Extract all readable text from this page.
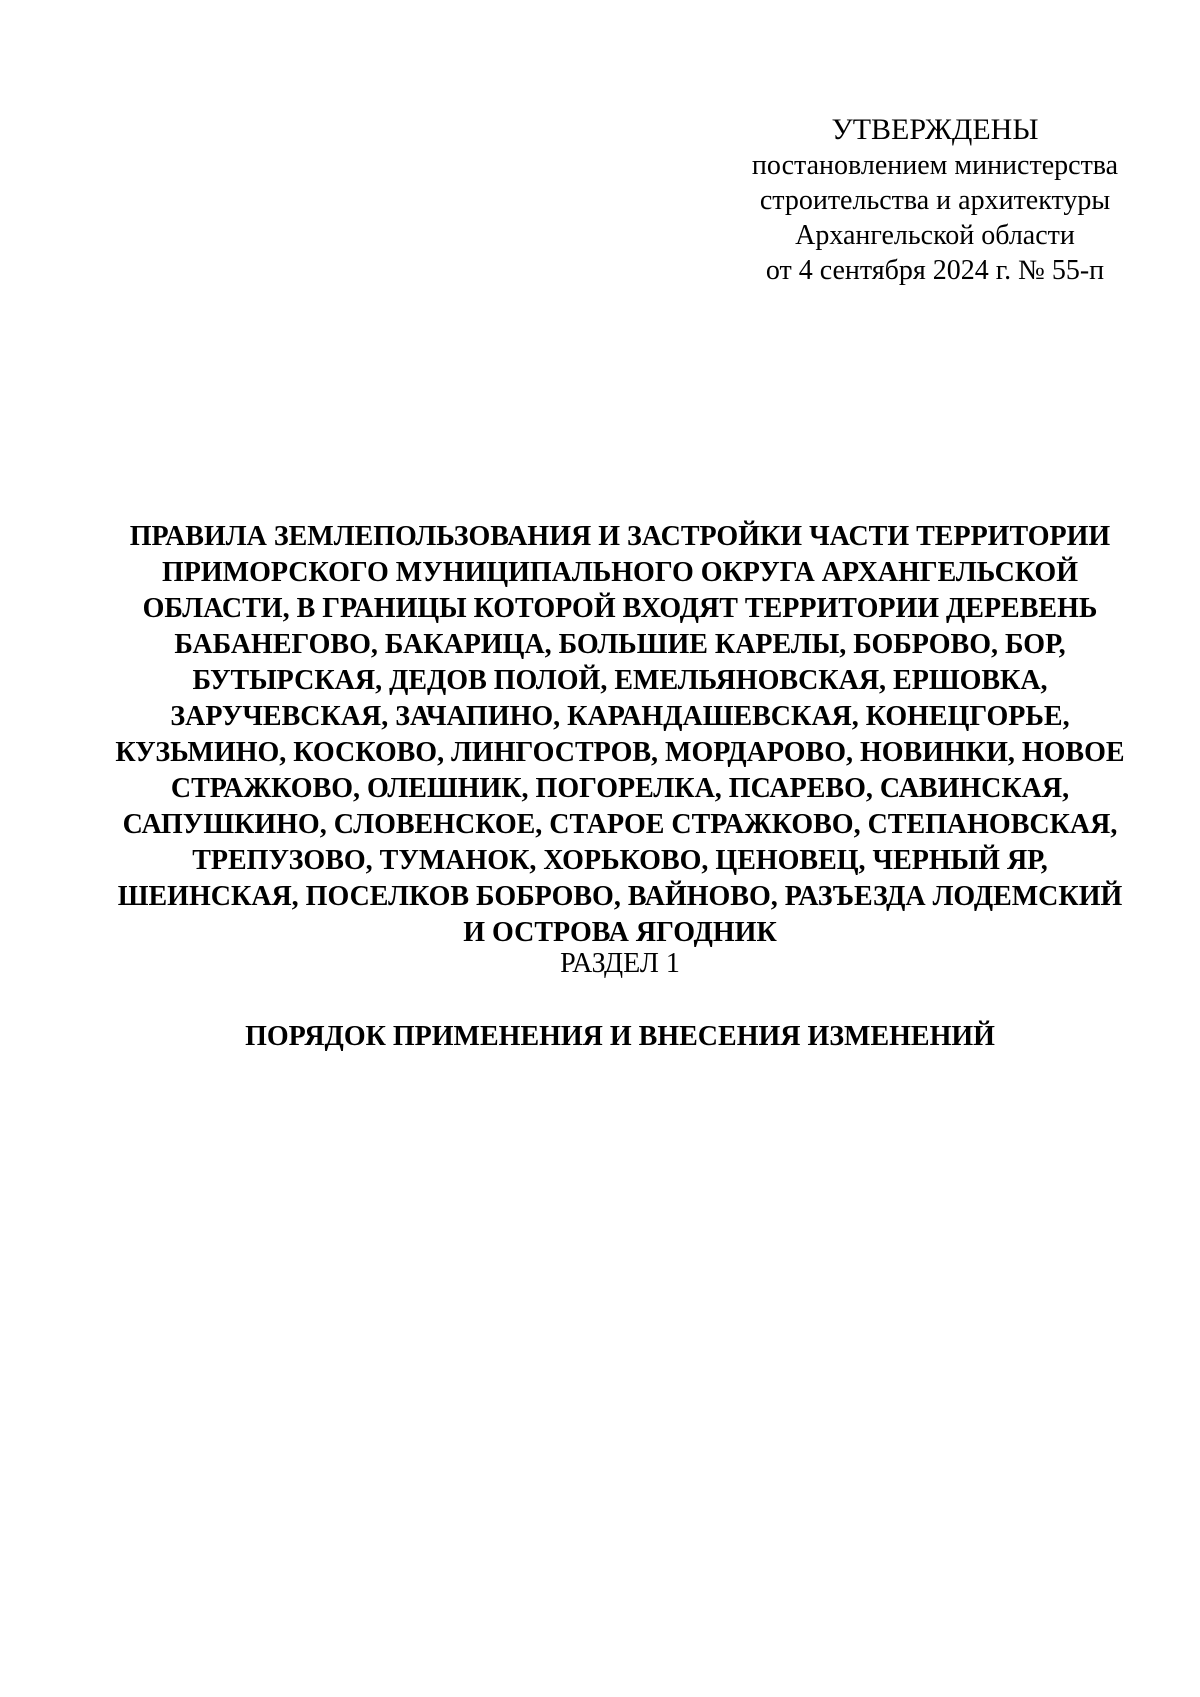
УТВЕРЖДЕНЫ
постановлением министерства
строительства и архитектуры
Архангельской области
от 4 сентября 2024 г. № 55-п
ПРАВИЛА ЗЕМЛЕПОЛЬЗОВАНИЯ И ЗАСТРОЙКИ ЧАСТИ ТЕРРИТОРИИ
ПРИМОРСКОГО МУНИЦИПАЛЬНОГО ОКРУГА АРХАНГЕЛЬСКОЙ
ОБЛАСТИ, В ГРАНИЦЫ КОТОРОЙ ВХОДЯТ ТЕРРИТОРИИ ДЕРЕВЕНЬ
БАБАНЕГОВО, БАКАРИЦА, БОЛЬШИЕ КАРЕЛЫ, БОБРОВО, БОР,
БУТЫРСКАЯ, ДЕДОВ ПОЛОЙ, ЕМЕЛЬЯНОВСКАЯ, ЕРШОВКА,
ЗАРУЧЕВСКАЯ, ЗАЧАПИНО, КАРАНДАШЕВСКАЯ, КОНЕЦГОРЬЕ,
КУЗЬМИНО, КОСКОВО, ЛИНГОСТРОВ, МОРДАРОВО, НОВИНКИ, НОВОЕ
СТРАЖКОВО, ОЛЕШНИК, ПОГОРЕЛКА, ПСАРЕВО, САВИНСКАЯ,
САПУШКИНО, СЛОВЕНСКОЕ, СТАРОЕ СТРАЖКОВО, СТЕПАНОВСКАЯ,
ТРЕПУЗОВО, ТУМАНОК, ХОРЬКОВО, ЦЕНОВЕЦ, ЧЕРНЫЙ ЯР,
ШЕИНСКАЯ, ПОСЕЛКОВ БОБРОВО, ВАЙНОВО, РАЗЪЕЗДА ЛОДЕМСКИЙ
И ОСТРОВА ЯГОДНИК
РАЗДЕЛ 1
ПОРЯДОК ПРИМЕНЕНИЯ И ВНЕСЕНИЯ ИЗМЕНЕНИЙ
